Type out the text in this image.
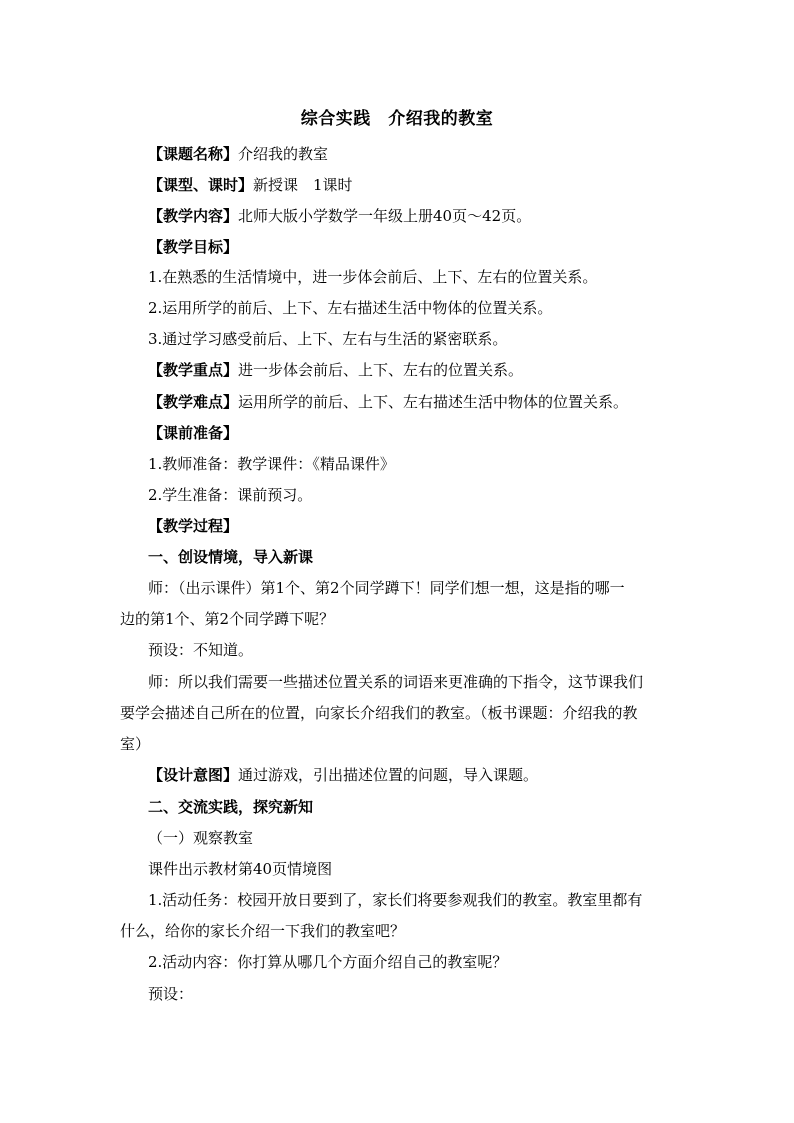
综合实践　介绍我的教室
【课题名称】介绍我的教室
【课型、课时】新授课　1课时
【教学内容】北师大版小学数学一年级上册40页～42页。
【教学目标】
1.在熟悉的生活情境中，进一步体会前后、上下、左右的位置关系。
2.运用所学的前后、上下、左右描述生活中物体的位置关系。
3.通过学习感受前后、上下、左右与生活的紧密联系。
【教学重点】进一步体会前后、上下、左右的位置关系。
【教学难点】运用所学的前后、上下、左右描述生活中物体的位置关系。
【课前准备】
1.教师准备：教学课件：《精品课件》
2.学生准备：课前预习。
【教学过程】
一、创设情境，导入新课
师：（出示课件）第1个、第2个同学蹲下！同学们想一想，这是指的哪一
边的第1个、第2个同学蹲下呢？
预设：不知道。
师：所以我们需要一些描述位置关系的词语来更准确的下指令，这节课我们
要学会描述自己所在的位置，向家长介绍我们的教室。（板书课题：介绍我的教
室）
【设计意图】通过游戏，引出描述位置的问题，导入课题。
二、交流实践，探究新知
（一）观察教室
课件出示教材第40页情境图
1.活动任务：校园开放日要到了，家长们将要参观我们的教室。教室里都有
什么，给你的家长介绍一下我们的教室吧？
2.活动内容：你打算从哪几个方面介绍自己的教室呢？
预设：
